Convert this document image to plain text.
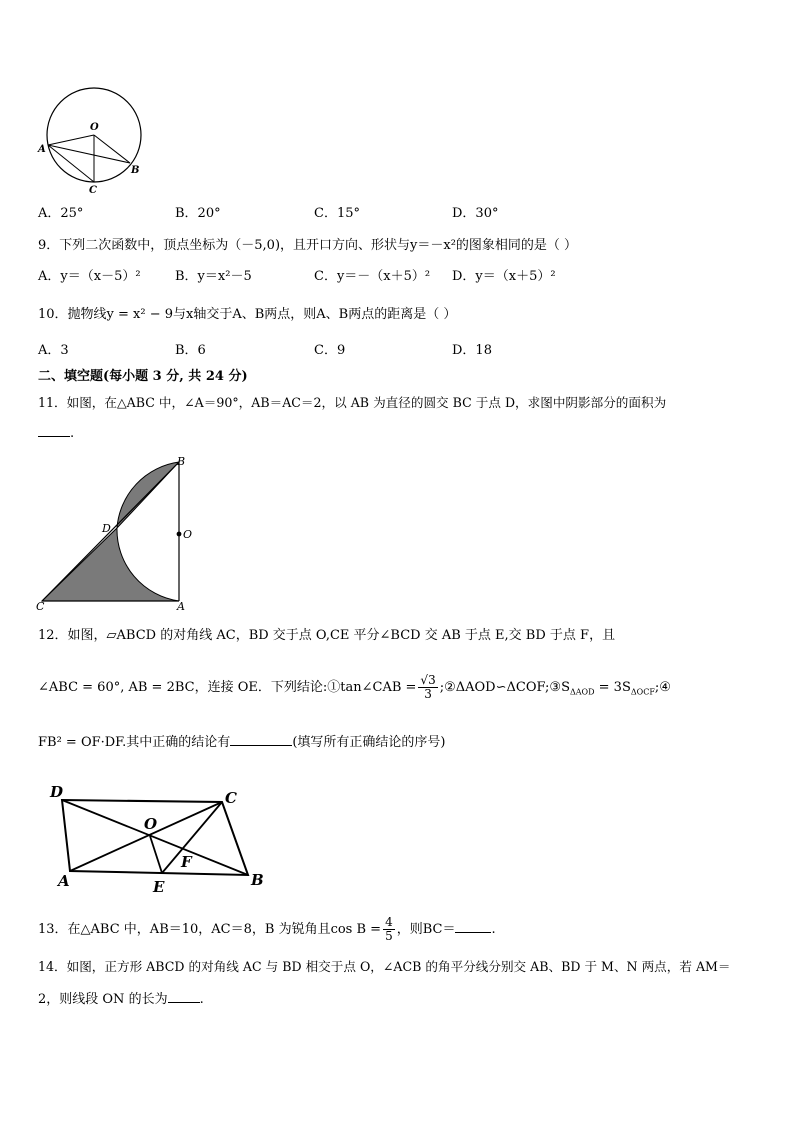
O
A
B
C
A．25°	B．20°	C．15°	D．30°
9．下列二次函数中，顶点坐标为（－5,0)，且开口方向、形状与y＝－x²的图象相同的是（ ）
A．y＝（x－5）²	B．y＝x²－5	C．y＝－（x＋5）² D．y＝（x＋5）²
10．抛物线y = x² − 9与x轴交于A、B两点，则A、B两点的距离是（ ）
A．3	B．6	C．9	D．18
二、填空题(每小题 3 分, 共 24 分)
11．如图，在△ABC 中，∠A＝90°，AB＝AC＝2，以 AB 为直径的圆交 BC 于点 D，求图中阴影部分的面积为
.
B
D	O
C	A
12．如图，▱ABCD 的对角线 AC，BD 交于点 O,CE 平分∠BCD 交 AB 于点 E,交 BD 于点 F，且
∠ABC = 60°, AB = 2BC，连接 OE．下列结论:①tan∠CAB = $\frac{√3}{3}$ $;②\Delta AOD∽\Delta COF;③S_{\Delta AOD}$ = $3S_{\Delta OCF};④$
FB² = OF·DF.其中正确的结论有	(填写所有正确结论的序号)
D	C
O
F
A	E	B
13．在△ABC 中，AB＝10，AC＝8，B 为锐角且$\cos B = \frac{4}{5}$ ，则BC＝	.
14．如图，正方形 ABCD 的对角线 AC 与 BD 相交于点 O，∠ACB 的角平分线分别交 AB、BD 于 M、N 两点，若 AM＝
2，则线段 ON 的长为 .
